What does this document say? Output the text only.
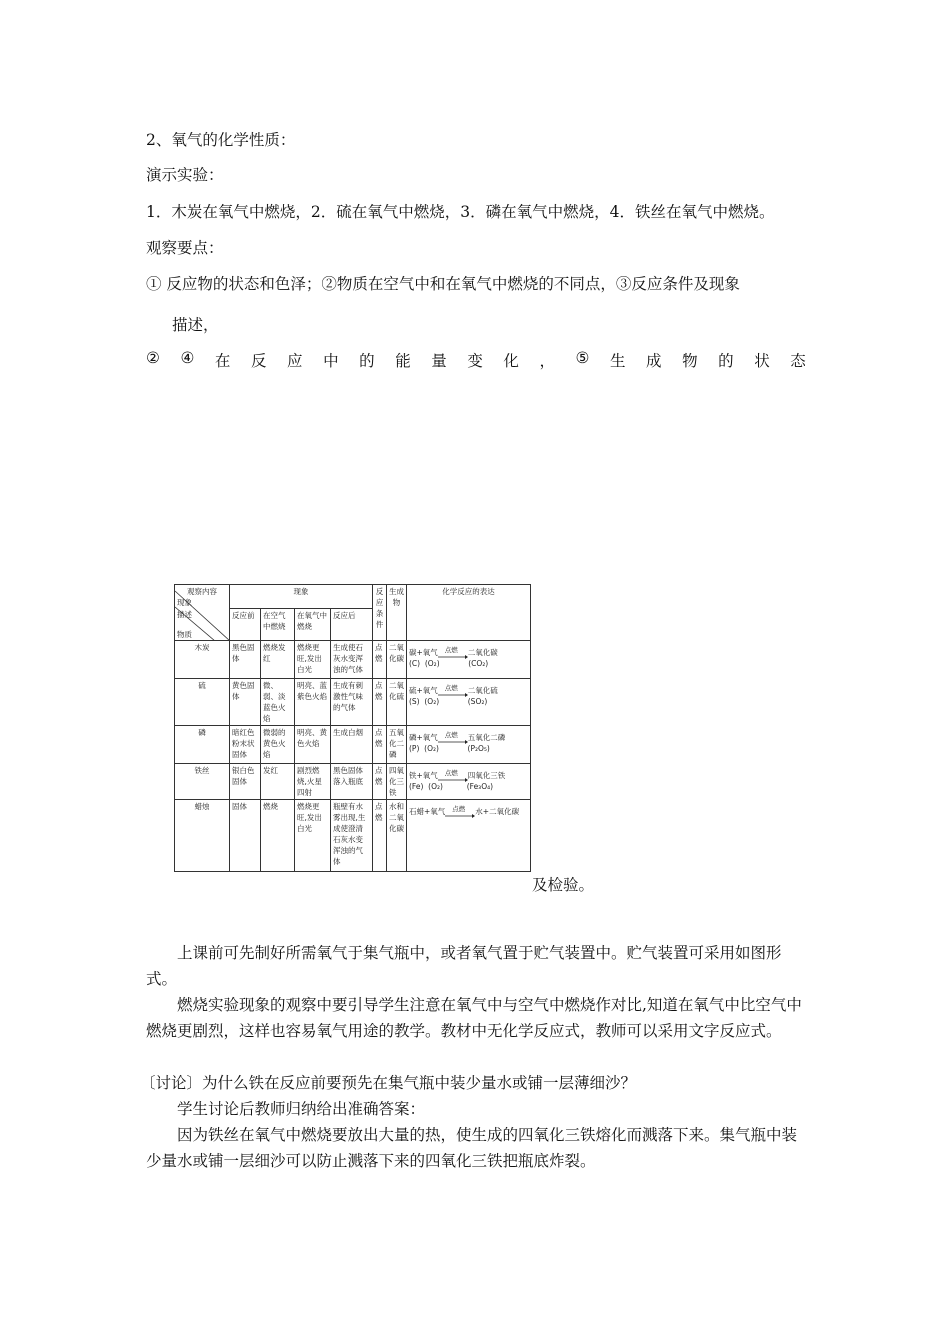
2、氧气的化学性质：
演示实验：
1．木炭在氧气中燃烧，2．硫在氧气中燃烧，3．磷在氧气中燃烧，4．铁丝在氧气中燃烧。
观察要点：
① 反应物的状态和色泽；②物质在空气中和在氧气中燃烧的不同点，③反应条件及现象
描述，
② ④ 在 反 应 中 的 能 量 变 化 ， ⑤ 生 成 物 的 状 态
观察内容
现象
描述
物质	现象				反应条件	生成物	化学反应的表达
	反应前	在空气中燃烧	在氧气中燃烧	反应后			
木炭	黑色固体	燃烧发红	燃烧更旺,发出白光	生成使石灰水变浑浊的气体	点燃	二氧化碳	碳+氧气 点燃 二氧化碳
(C)  (O₂)            (CO₂)

硫	黄色固体	微、弱、淡蓝色火焰	明亮、蓝紫色火焰	生成有刺激性气味的气体	点燃	二氧化硫	硫+氧气 点燃 二氧化硫
(S)  (O₂)            (SO₂)

磷	暗红色粉末状固体	微弱的黄色火焰	明亮、黄色火焰	生成白烟	点燃	五氧化二磷	磷+氧气 点燃 五氧化二磷
(P)  (O₂)            (P₂O₅)

铁丝	银白色固体	发红	剧烈燃烧,火星四射	黑色固体落入瓶底	点燃	四氧化三铁	铁+氧气 点燃 四氧化三铁
(Fe)  (O₂)          (Fe₃O₄)

蜡烛	固体	燃烧	燃烧更旺,发出白光	瓶壁有水雾出现,生成使澄清石灰水变浑浊的气体	点燃	水和二氧化碳	石蜡+氧气 点燃 水+二氧化碳
及检验。
上课前可先制好所需氧气于集气瓶中，或者氧气置于贮气装置中。贮气装置可采用如图形式。
燃烧实验现象的观察中要引导学生注意在氧气中与空气中燃烧作对比,知道在氧气中比空气中燃烧更剧烈，这样也容易氧气用途的教学。教材中无化学反应式，教师可以采用文字反应式。
〔讨论〕为什么铁在反应前要预先在集气瓶中装少量水或铺一层薄细沙？
学生讨论后教师归纳给出准确答案：
因为铁丝在氧气中燃烧要放出大量的热，使生成的四氧化三铁熔化而溅落下来。集气瓶中装少量水或铺一层细沙可以防止溅落下来的四氧化三铁把瓶底炸裂。
